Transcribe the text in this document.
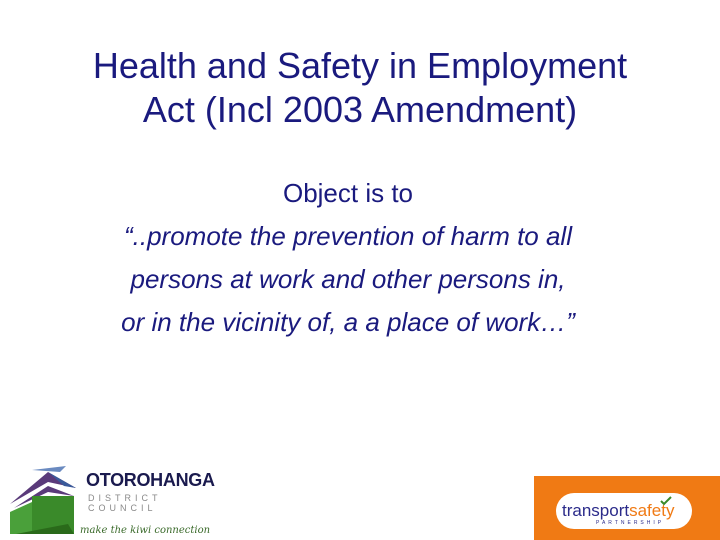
Health and Safety in Employment
Act (Incl 2003 Amendment)
Object is to
“..promote the prevention of harm to all
persons at work and other persons in,
or in the vicinity of, a a place of work…”
OTOROHANGA
DISTRICT COUNCIL
make the kiwi connection
transportsafety
PARTNERSHIP
